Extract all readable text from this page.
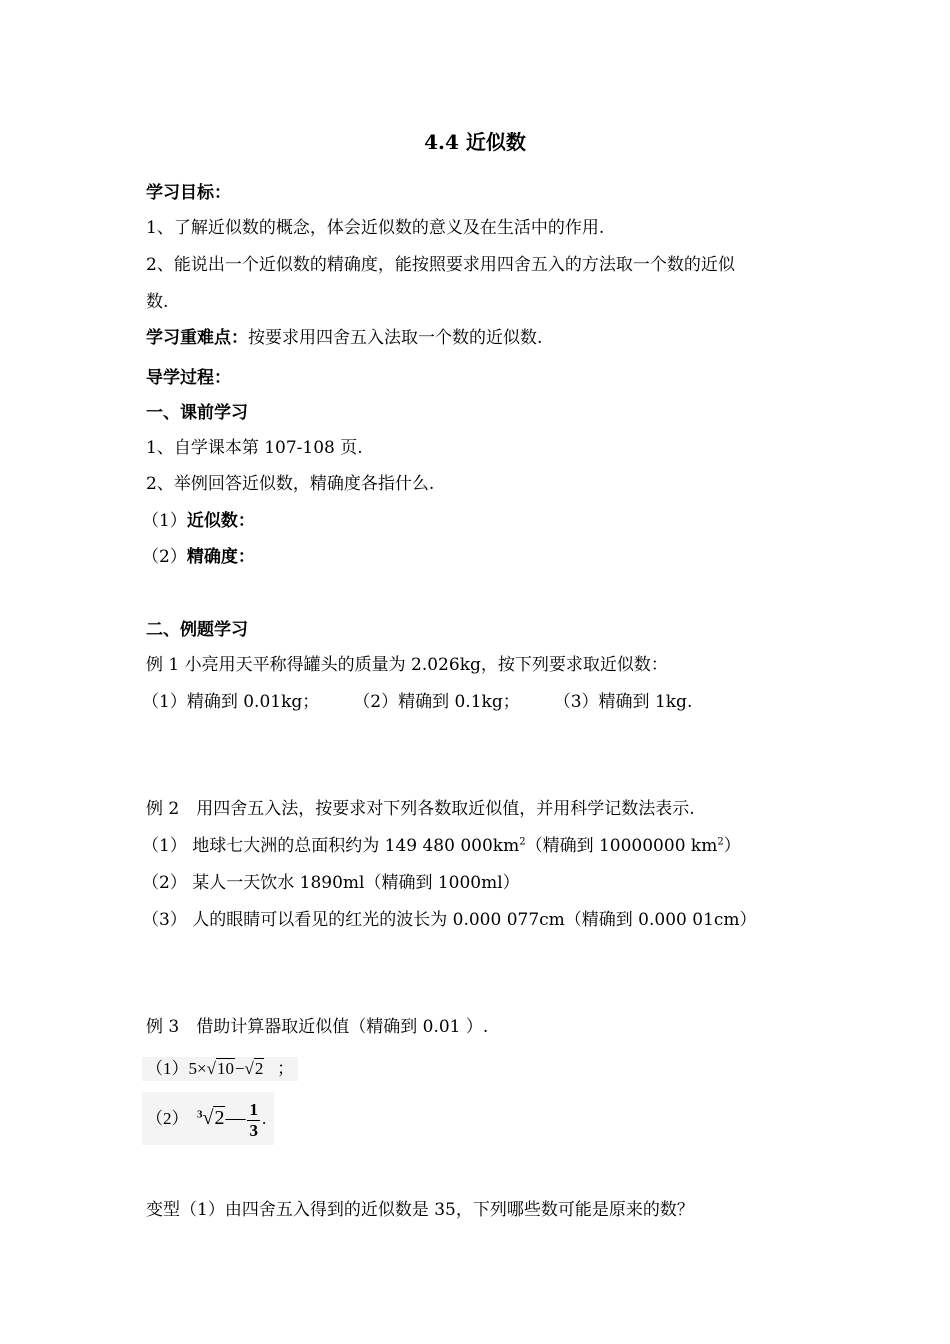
4.4 近似数
学习目标：
1、了解近似数的概念，体会近似数的意义及在生活中的作用.
2、能说出一个近似数的精确度，能按照要求用四舍五入的方法取一个数的近似
数.
学习重难点：按要求用四舍五入法取一个数的近似数.
导学过程：
一、课前学习
1、自学课本第 107-108 页.
2、举例回答近似数，精确度各指什么.
（1）近似数：
（2）精确度：
二、例题学习
例 1 小亮用天平称得罐头的质量为 2.026kg，按下列要求取近似数：
（1）精确到 0.01kg； （2）精确到 0.1kg； （3）精确到 1kg.
例 2　用四舍五入法，按要求对下列各数取近似值，并用科学记数法表示.
（1） 地球七大洲的总面积约为 149 480 $000km^2$（精确到 10000000 $km^2$）
（2） 某人一天饮水 1890ml（精确到 1000ml）
（3） 人的眼睛可以看见的红光的波长为 0.000 077cm（精确到 0.000 01cm）
例 3　借助计算器取近似值（精确到 0.01 ）.
（1）5×√10−√2 ；
（2） $^3$√2— $\frac{1}{3}$ .
变型（1）由四舍五入得到的近似数是 35，下列哪些数可能是原来的数？
